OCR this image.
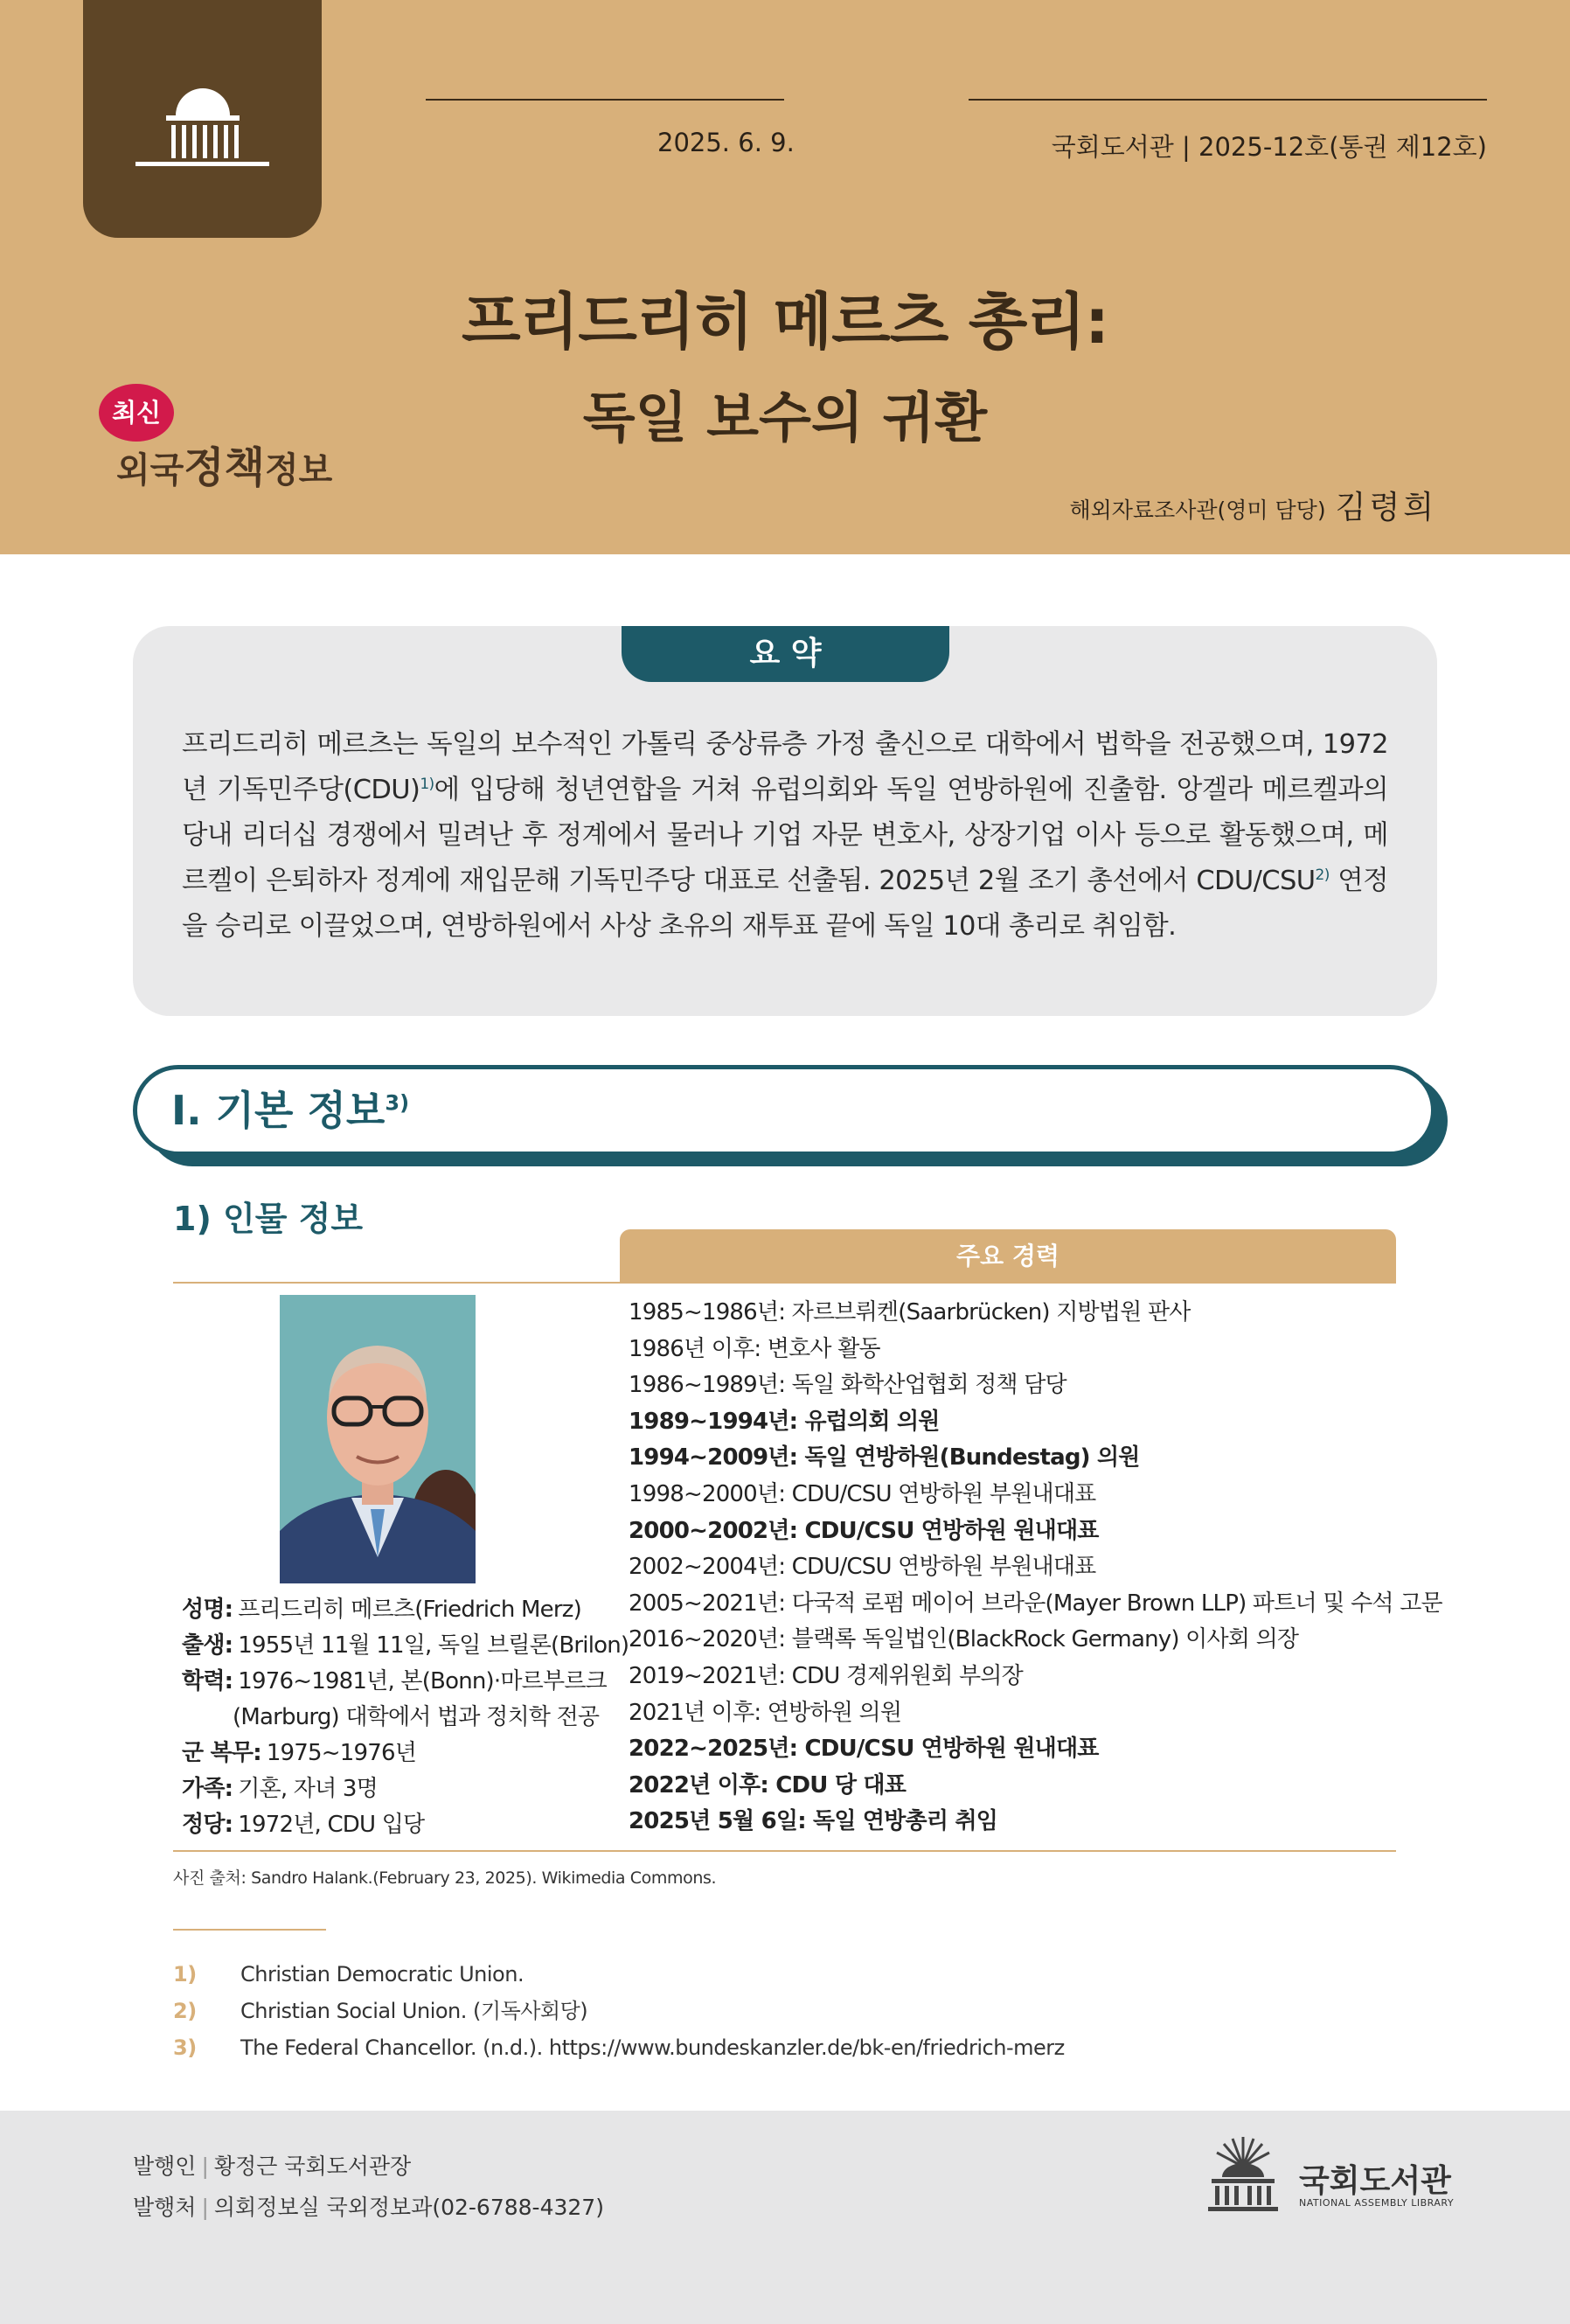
2025. 6. 9.	국회도서관 | 2025-12호(통권 제12호)
프리드리히 메르츠 총리:
독일 보수의 귀환
최신
외국정책정보
해외자료조사관(영미 담당) 김령희
요 약
프리드리히 메르츠는 독일의 보수적인 가톨릭 중상류층 가정 출신으로 대학에서 법학을 전공했으며, 1972년 기독민주당(CDU)$^{1)}$에 입당해 청년연합을 거쳐 유럽의회와 독일 연방하원에 진출함. 앙겔라 메르켈과의 당내 리더십 경쟁에서 밀려난 후 정계에서 물러나 기업 자문 변호사, 상장기업 이사 등으로 활동했으며, 메르켈이 은퇴하자 정계에 재입문해 기독민주당 대표로 선출됨. 2025년 2월 조기 총선에서 CDU/CSU$^{2)}$ 연정을 승리로 이끌었으며, 연방하원에서 사상 초유의 재투표 끝에 독일 10대 총리로 취임함.
Ⅰ. 기본 정보$^{3)}$
1) 인물 정보
주요 경력
성명: 프리드리히 메르츠(Friedrich Merz)
출생: 1955년 11월 11일, 독일 브릴론(Brilon)
학력: 1976~1981년, 본(Bonn)·마르부르크
(Marburg) 대학에서 법과 정치학 전공
군 복무: 1975~1976년
가족: 기혼, 자녀 3명
정당: 1972년, CDU 입당
1985~1986년: 자르브뤼켄(Saarbrücken) 지방법원 판사
1986년 이후: 변호사 활동
1986~1989년: 독일 화학산업협회 정책 담당
1989~1994년: 유럽의회 의원
1994~2009년: 독일 연방하원(Bundestag) 의원
1998~2000년: CDU/CSU 연방하원 부원내대표
2000~2002년: CDU/CSU 연방하원 원내대표
2002~2004년: CDU/CSU 연방하원 부원내대표
2005~2021년: 다국적 로펌 메이어 브라운(Mayer Brown LLP) 파트너 및 수석 고문
2016~2020년: 블랙록 독일법인(BlackRock Germany) 이사회 의장
2019~2021년: CDU 경제위원회 부의장
2021년 이후: 연방하원 의원
2022~2025년: CDU/CSU 연방하원 원내대표
2022년 이후: CDU 당 대표
2025년 5월 6일: 독일 연방총리 취임
사진 출처: Sandro Halank.(February 23, 2025). Wikimedia Commons.
1)	Christian Democratic Union.
2)	Christian Social Union. (기독사회당)
3)	The Federal Chancellor. (n.d.). https://www.bundeskanzler.de/bk-en/friedrich-merz
발행인 | 황정근 국회도서관장
발행처 | 의회정보실 국외정보과(02-6788-4327)
국회도서관
NATIONAL ASSEMBLY LIBRARY
